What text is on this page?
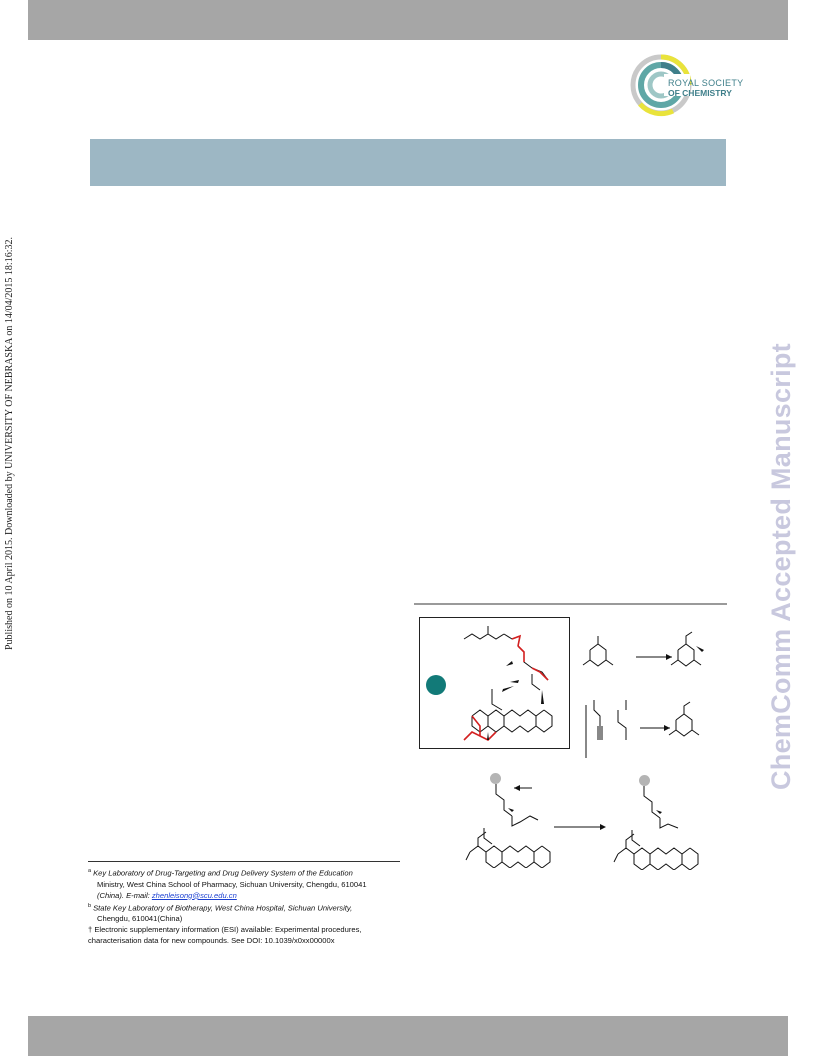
ROYAL SOCIETY
OF CHEMISTRY
Published on 10 April 2015. Downloaded by UNIVERSITY OF NEBRASKA on 14/04/2015 18:16:32.	ChemComm Accepted Manuscript
$^a$ Key Laboratory of Drug-Targeting and Drug Delivery System of the Education
Ministry, West China School of Pharmacy, Sichuan University, Chengdu, 610041
(China). E-mail: zhenleisong@scu.edu.cn
$^b$ State Key Laboratory of Biotherapy, West China Hospital, Sichuan University,
Chengdu, 610041(China)
† Electronic supplementary information (ESI) available: Experimental procedures,
characterisation data for new compounds. See DOI: 10.1039/x0xx00000x
